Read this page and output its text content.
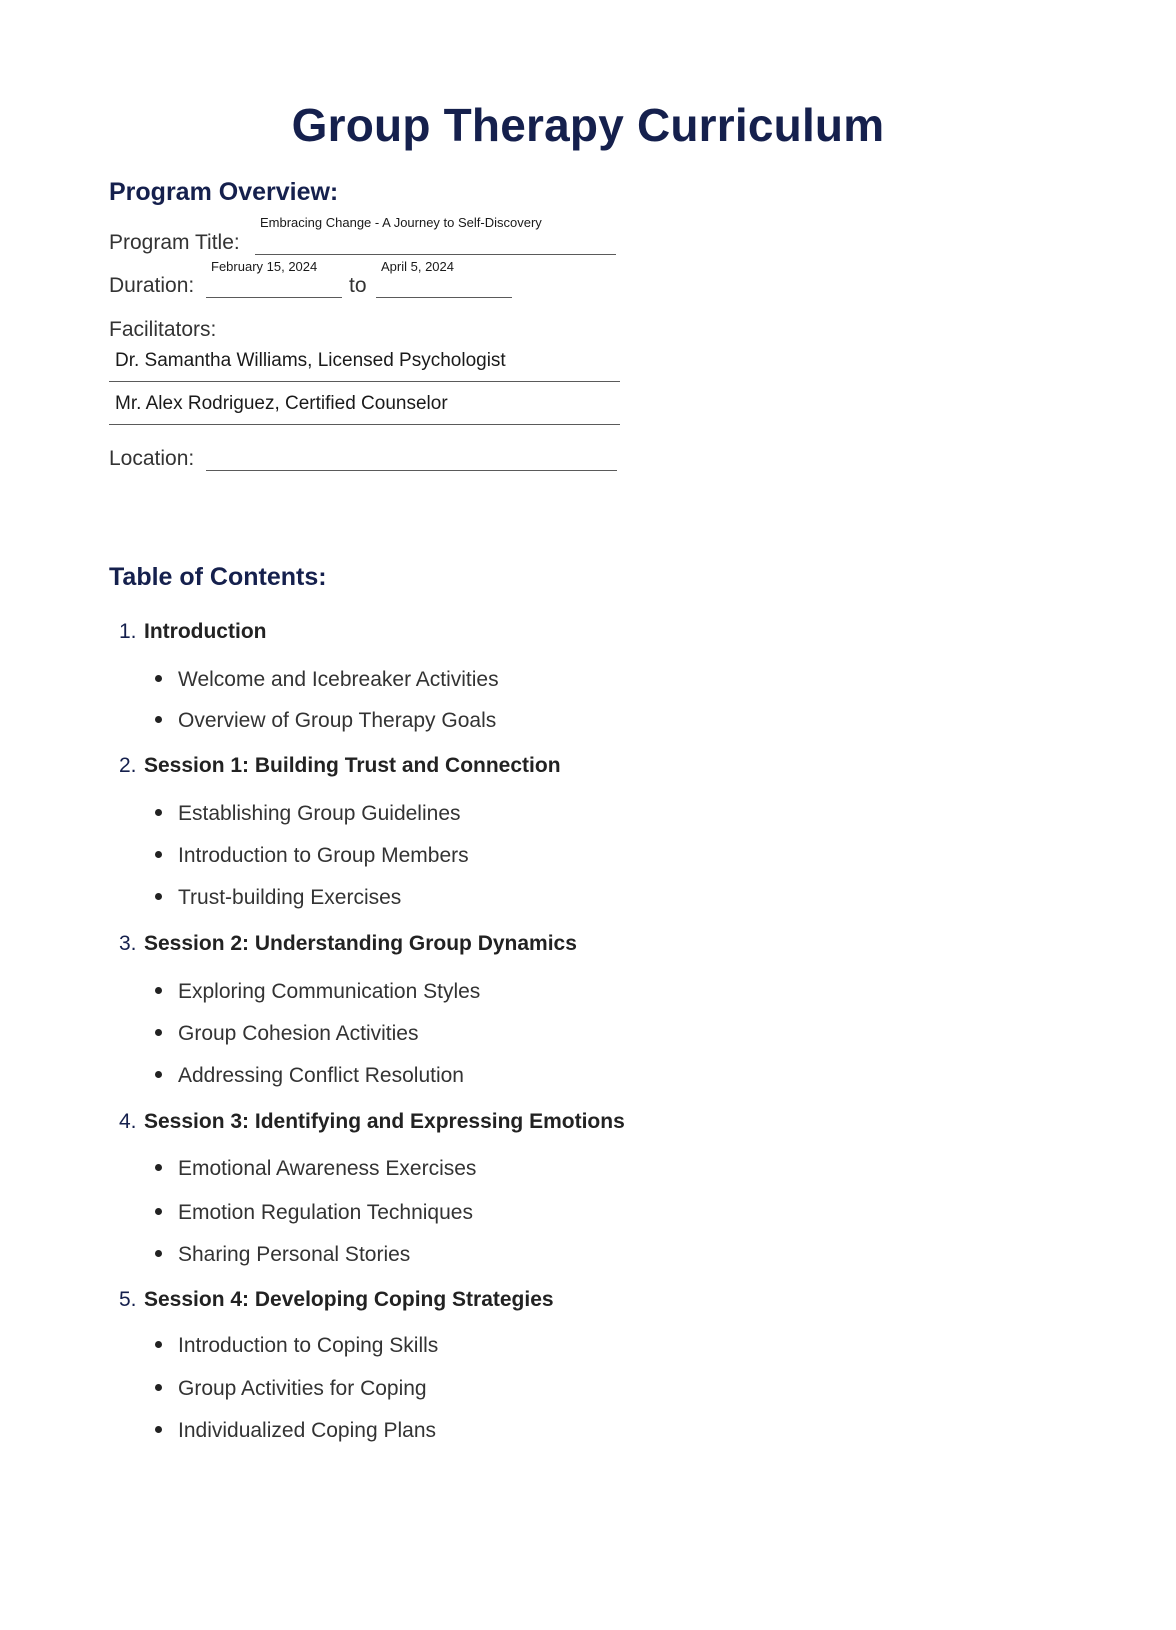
Group Therapy Curriculum
Program Overview:
Program Title:
Embracing Change - A Journey to Self-Discovery
Duration:
February 15, 2024
to
April 5, 2024
Facilitators:
Dr. Samantha Williams, Licensed Psychologist
Mr. Alex Rodriguez, Certified Counselor
Location:
Table of Contents:
1. Introduction
Welcome and Icebreaker Activities
Overview of Group Therapy Goals
2. Session 1: Building Trust and Connection
Establishing Group Guidelines
Introduction to Group Members
Trust-building Exercises
3. Session 2: Understanding Group Dynamics
Exploring Communication Styles
Group Cohesion Activities
Addressing Conflict Resolution
4. Session 3: Identifying and Expressing Emotions
Emotional Awareness Exercises
Emotion Regulation Techniques
Sharing Personal Stories
5. Session 4: Developing Coping Strategies
Introduction to Coping Skills
Group Activities for Coping
Individualized Coping Plans
